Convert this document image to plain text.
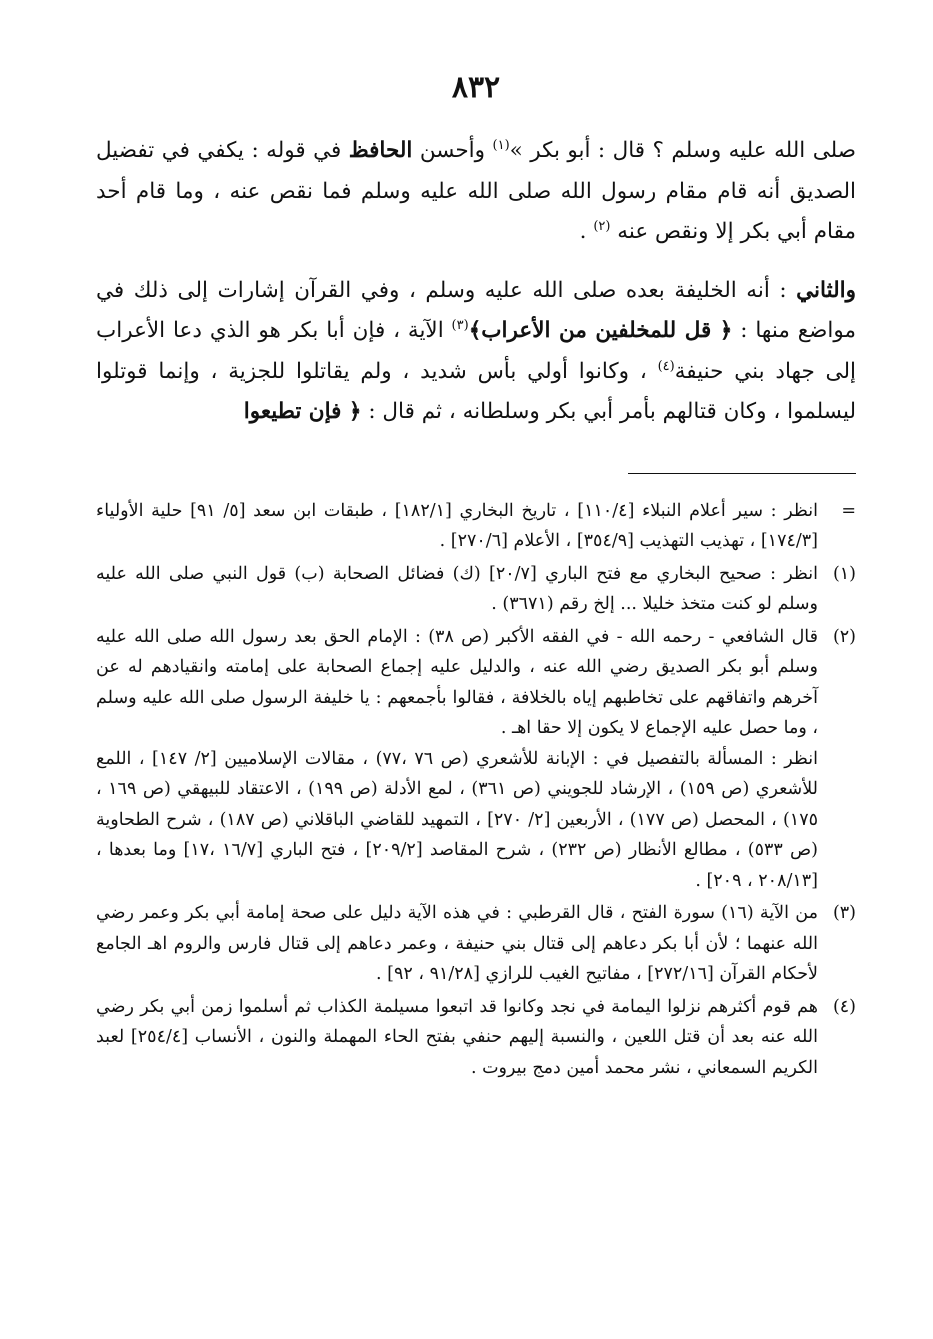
٨٣٢

صلى الله عليه وسلم ؟ قال : أبو بكر »$^{(١)}$ وأحسن الحافظ في قوله : يكفي في تفضيل الصديق أنه قام مقام رسول الله صلى الله عليه وسلم فما نقص عنه ، وما قام أحد مقام أبي بكر إلا ونقص عنه $^{(٢)}$ .

والثاني : أنه الخليفة بعده صلى الله عليه وسلم ، وفي القرآن إشارات إلى ذلك في مواضع منها : ﴿ قل للمخلفين من الأعراب﴾$^{(٣)}$ الآية ، فإن أبا بكر هو الذي دعا الأعراب إلى جهاد بني حنيفة$^{(٤)}$ ، وكانوا أولي بأس شديد ، ولم يقاتلوا للجزية ، وإنما قوتلوا ليسلموا ، وكان قتالهم بأمر أبي بكر وسلطانه ، ثم قال : ﴿ فإن تطيعوا

=
انظر : سير أعلام النبلاء [١١٠/٤] ، تاريخ البخاري [١٨٢/١] ، طبقات ابن سعد [٥/ ٩١] حلية الأولياء [١٧٤/٣] ، تهذيب التهذيب [٣٥٤/٩] ، الأعلام [٢٧٠/٦] .
(١)
انظر : صحيح البخاري مع فتح الباري [٢٠/٧] (ك) فضائل الصحابة (ب) قول النبي صلى الله عليه وسلم لو كنت متخذ خليلا ... إلخ رقم (٣٦٧١) .
(٢)

قال الشافعي - رحمه الله - في الفقه الأكبر (ص ٣٨) : الإمام الحق بعد رسول الله صلى الله عليه وسلم أبو بكر الصديق رضي الله عنه ، والدليل عليه إجماع الصحابة على إمامته وانقيادهم له عن آخرهم واتفاقهم على تخاطبهم إياه بالخلافة ، فقالوا بأجمعهم : يا خليفة الرسول صلى الله عليه وسلم ، وما حصل عليه الإجماع لا يكون إلا حقا اهـ .

انظر : المسألة بالتفصيل في : الإبانة للأشعري (ص ٧٦ ،٧٧) ، مقالات الإسلاميين [٢/ ١٤٧] ، اللمع للأشعري (ص ١٥٩) ، الإرشاد للجويني (ص ٣٦١) ، لمع الأدلة (ص ١٩٩) ، الاعتقاد للبيهقي (ص ١٦٩ ، ١٧٥) ، المحصل (ص ١٧٧) ، الأربعين [٢/ ٢٧٠] ، التمهيد للقاضي الباقلاني (ص ١٨٧) ، شرح الطحاوية (ص ٥٣٣) ، مطالع الأنظار (ص ٢٣٢) ، شرح المقاصد [٢٠٩/٢] ، فتح الباري [١٦/٧ ،١٧] وما بعدها ، [٢٠٨/١٣ ، ٢٠٩] .

(٣)
من الآية (١٦) سورة الفتح ، قال القرطبي : في هذه الآية دليل على صحة إمامة أبي بكر وعمر رضي الله عنهما ؛ لأن أبا بكر دعاهم إلى قتال بني حنيفة ، وعمر دعاهم إلى قتال فارس والروم اهـ الجامع لأحكام القرآن [٢٧٢/١٦] ، مفاتيح الغيب للرازي [٩١/٢٨ ، ٩٢] .
(٤)
هم قوم أكثرهم نزلوا اليمامة في نجد وكانوا قد اتبعوا مسيلمة الكذاب ثم أسلموا زمن أبي بكر رضي الله عنه بعد أن قتل اللعين ، والنسبة إليهم حنفي بفتح الحاء المهملة والنون ، الأنساب [٢٥٤/٤] لعبد الكريم السمعاني ، نشر محمد أمين دمج بيروت .
